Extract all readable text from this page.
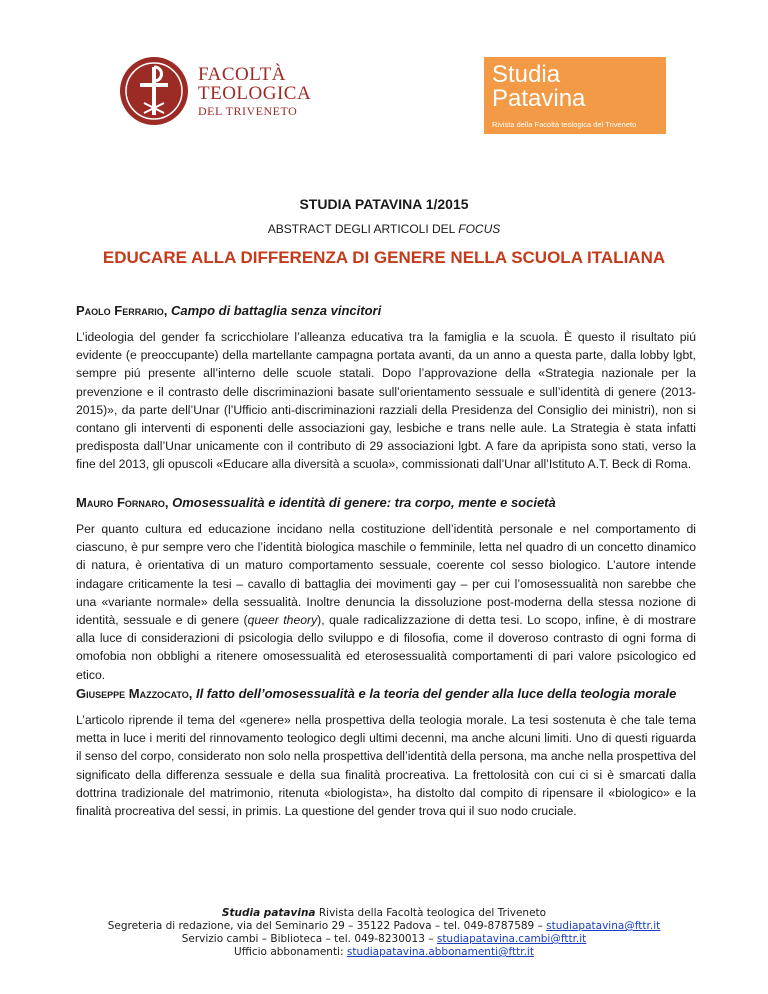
FACOLTÀ
TEOLOGICA
DEL TRIVENETO
Studia
Patavina
Rivista della Facoltà teologica del Triveneto
STUDIA PATAVINA 1/2015
ABSTRACT DEGLI ARTICOLI DEL FOCUS
EDUCARE ALLA DIFFERENZA DI GENERE NELLA SCUOLA ITALIANA
Paolo Ferrario, Campo di battaglia senza vincitori
L’ideologia del gender fa scricchiolare l’alleanza educativa tra la famiglia e la scuola. È questo il risultato piú evidente (e preoccupante) della martellante campagna portata avanti, da un anno a questa parte, dalla lobby lgbt, sempre piú presente all’interno delle scuole statali. Dopo l’approvazione della «Strategia nazionale per la prevenzione e il contrasto delle discriminazioni basate sull’orientamento sessuale e sull’identità di genere (2013-2015)», da parte dell’Unar (l’Ufficio anti-discriminazioni razziali della Presidenza del Consiglio dei ministri), non si contano gli interventi di esponenti delle associazioni gay, lesbiche e trans nelle aule. La Strategia è stata infatti predisposta dall’Unar unicamente con il contributo di 29 associazioni lgbt. A fare da apripista sono stati, verso la fine del 2013, gli opuscoli «Educare alla diversità a scuola», commissionati dall’Unar all’Istituto A.T. Beck di Roma.
Mauro Fornaro, Omosessualità e identità di genere: tra corpo, mente e società
Per quanto cultura ed educazione incidano nella costituzione dell’identità personale e nel comportamento di ciascuno, è pur sempre vero che l’identità biologica maschile o femminile, letta nel quadro di un concetto dinamico di natura, è orientativa di un maturo comportamento sessuale, coerente col sesso biologico. L’autore intende indagare criticamente la tesi – cavallo di battaglia dei movimenti gay – per cui l’omosessualità non sarebbe che una «variante normale» della sessualità. Inoltre denuncia la dissoluzione post-moderna della stessa nozione di identità, sessuale e di genere (queer theory), quale radicalizzazione di detta tesi. Lo scopo, infine, è di mostrare alla luce di considerazioni di psicologia dello sviluppo e di filosofia, come il doveroso contrasto di ogni forma di omofobia non obblighi a ritenere omosessualità ed eterosessualità comportamenti di pari valore psicologico ed etico.
Giuseppe Mazzocato, Il fatto dell’omosessualità e la teoria del gender alla luce della teologia morale
L’articolo riprende il tema del «genere» nella prospettiva della teologia morale. La tesi sostenuta è che tale tema metta in luce i meriti del rinnovamento teologico degli ultimi decenni, ma anche alcuni limiti. Uno di questi riguarda il senso del corpo, considerato non solo nella prospettiva dell’identità della persona, ma anche nella prospettiva del significato della differenza sessuale e della sua finalità procreativa. La frettolosità con cui ci si è smarcati dalla dottrina tradizionale del matrimonio, ritenuta «biologista», ha distolto dal compito di ripensare il «biologico» e la finalità procreativa del sessi, in primis. La questione del gender trova qui il suo nodo cruciale.
Studia patavina Rivista della Facoltà teologica del Triveneto
Segreteria di redazione, via del Seminario 29 – 35122 Padova – tel. 049-8787589 – studiapatavina@fttr.it
Servizio cambi – Biblioteca – tel. 049-8230013 – studiapatavina.cambi@fttr.it
Ufficio abbonamenti: studiapatavina.abbonamenti@fttr.it
